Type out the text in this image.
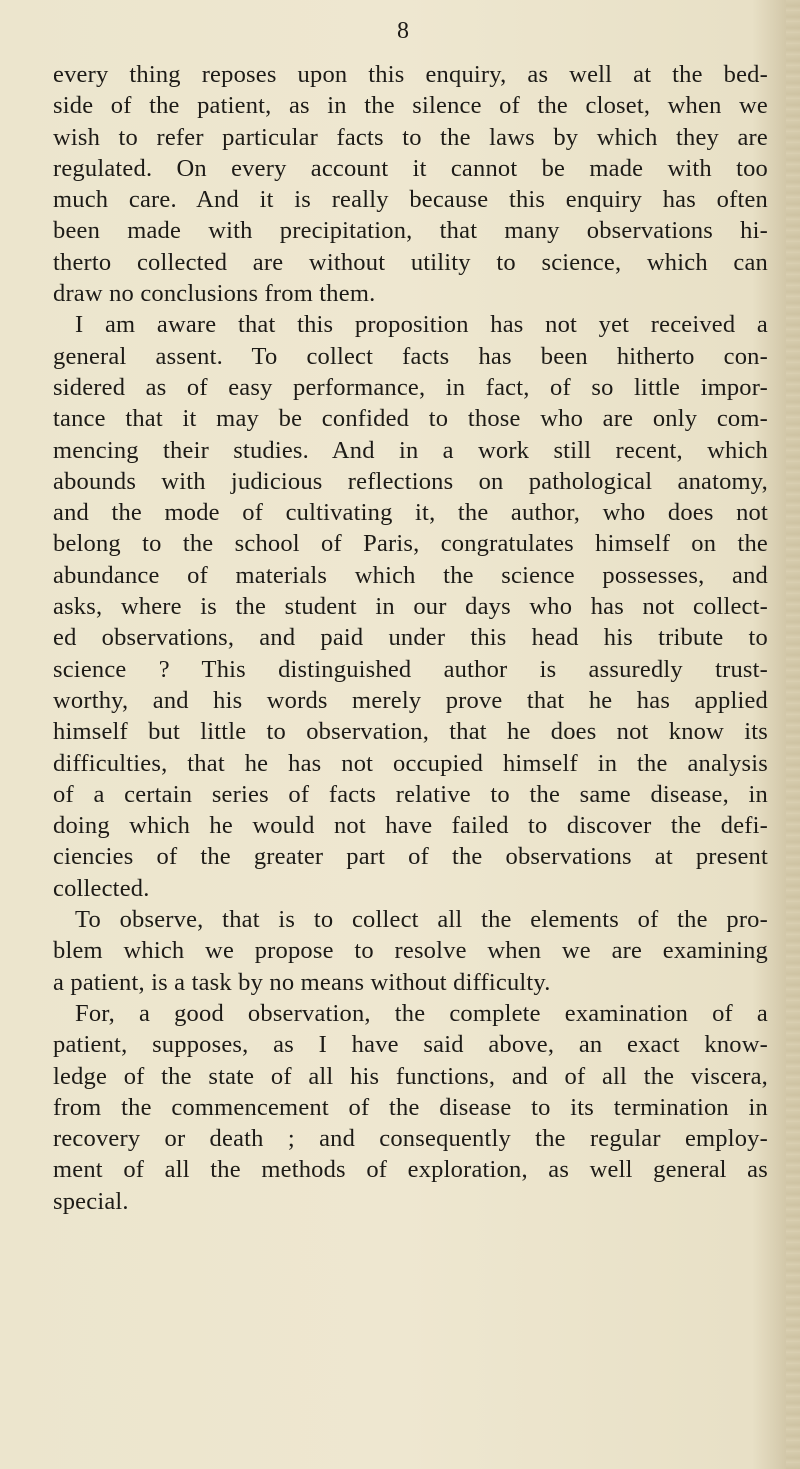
8
every thing reposes upon this enquiry, as well at the bed-
side of the patient, as in the silence of the closet, when we
wish to refer particular facts to the laws by which they are
regulated. On every account it cannot be made with too
much care. And it is really because this enquiry has often
been made with precipitation, that many observations hi-
therto collected are without utility to science, which can
draw no conclusions from them.
I am aware that this proposition has not yet received a
general assent. To collect facts has been hitherto con-
sidered as of easy performance, in fact, of so little impor-
tance that it may be confided to those who are only com-
mencing their studies. And in a work still recent, which
abounds with judicious reflections on pathological anatomy,
and the mode of cultivating it, the author, who does not
belong to the school of Paris, congratulates himself on the
abundance of materials which the science possesses, and
asks, where is the student in our days who has not collect-
ed observations, and paid under this head his tribute to
science ? This distinguished author is assuredly trust-
worthy, and his words merely prove that he has applied
himself but little to observation, that he does not know its
difficulties, that he has not occupied himself in the analysis
of a certain series of facts relative to the same disease, in
doing which he would not have failed to discover the defi-
ciencies of the greater part of the observations at present
collected.
To observe, that is to collect all the elements of the pro-
blem which we propose to resolve when we are examining
a patient, is a task by no means without difficulty.
For, a good observation, the complete examination of a
patient, supposes, as I have said above, an exact know-
ledge of the state of all his functions, and of all the viscera,
from the commencement of the disease to its termination in
recovery or death ; and consequently the regular employ-
ment of all the methods of exploration, as well general as
special.
